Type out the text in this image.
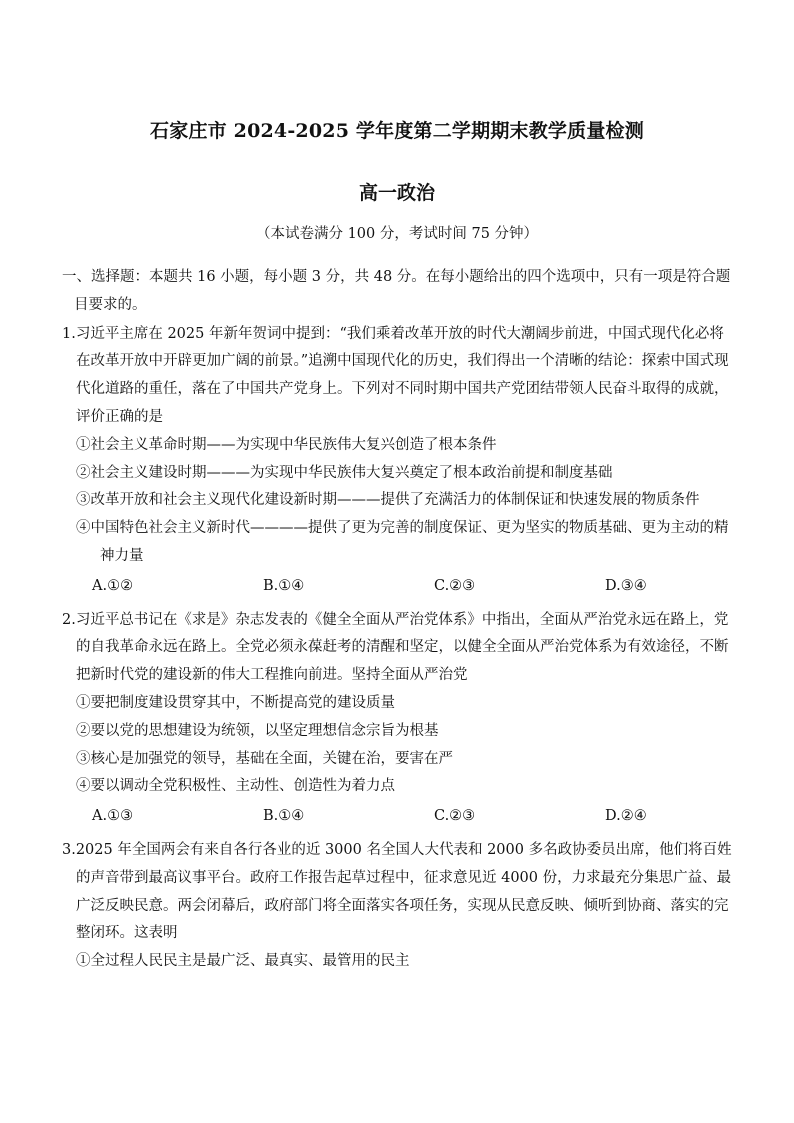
石家庄市 2024-2025 学年度第二学期期末教学质量检测
高一政治
（本试卷满分 100 分，考试时间 75 分钟）
一、选择题：本题共 16 小题，每小题 3 分，共 48 分。在每小题给出的四个选项中，只有一项是符合题目要求的。
1.习近平主席在 2025 年新年贺词中提到：“我们乘着改革开放的时代大潮阔步前进，中国式现代化必将在改革开放中开辟更加广阔的前景。”追溯中国现代化的历史，我们得出一个清晰的结论：探索中国式现代化道路的重任，落在了中国共产党身上。下列对不同时期中国共产党团结带领人民奋斗取得的成就，评价正确的是
①社会主义革命时期——为实现中华民族伟大复兴创造了根本条件
②社会主义建设时期———为实现中华民族伟大复兴奠定了根本政治前提和制度基础
③改革开放和社会主义现代化建设新时期———提供了充满活力的体制保证和快速发展的物质条件
④中国特色社会主义新时代————提供了更为完善的制度保证、更为坚实的物质基础、更为主动的精神力量
A.①②	B.①④	C.②③	D.③④
2.习近平总书记在《求是》杂志发表的《健全全面从严治党体系》中指出，全面从严治党永远在路上，党的自我革命永远在路上。全党必须永葆赶考的清醒和坚定，以健全全面从严治党体系为有效途径，不断把新时代党的建设新的伟大工程推向前进。坚持全面从严治党
①要把制度建设贯穿其中，不断提高党的建设质量
②要以党的思想建设为统领，以坚定理想信念宗旨为根基
③核心是加强党的领导，基础在全面，关键在治，要害在严
④要以调动全党积极性、主动性、创造性为着力点
A.①③	B.①④	C.②③	D.②④
3.2025 年全国两会有来自各行各业的近 3000 名全国人大代表和 2000 多名政协委员出席，他们将百姓的声音带到最高议事平台。政府工作报告起草过程中，征求意见近 4000 份，力求最充分集思广益、最广泛反映民意。两会闭幕后，政府部门将全面落实各项任务，实现从民意反映、倾听到协商、落实的完整闭环。这表明
①全过程人民民主是最广泛、最真实、最管用的民主
